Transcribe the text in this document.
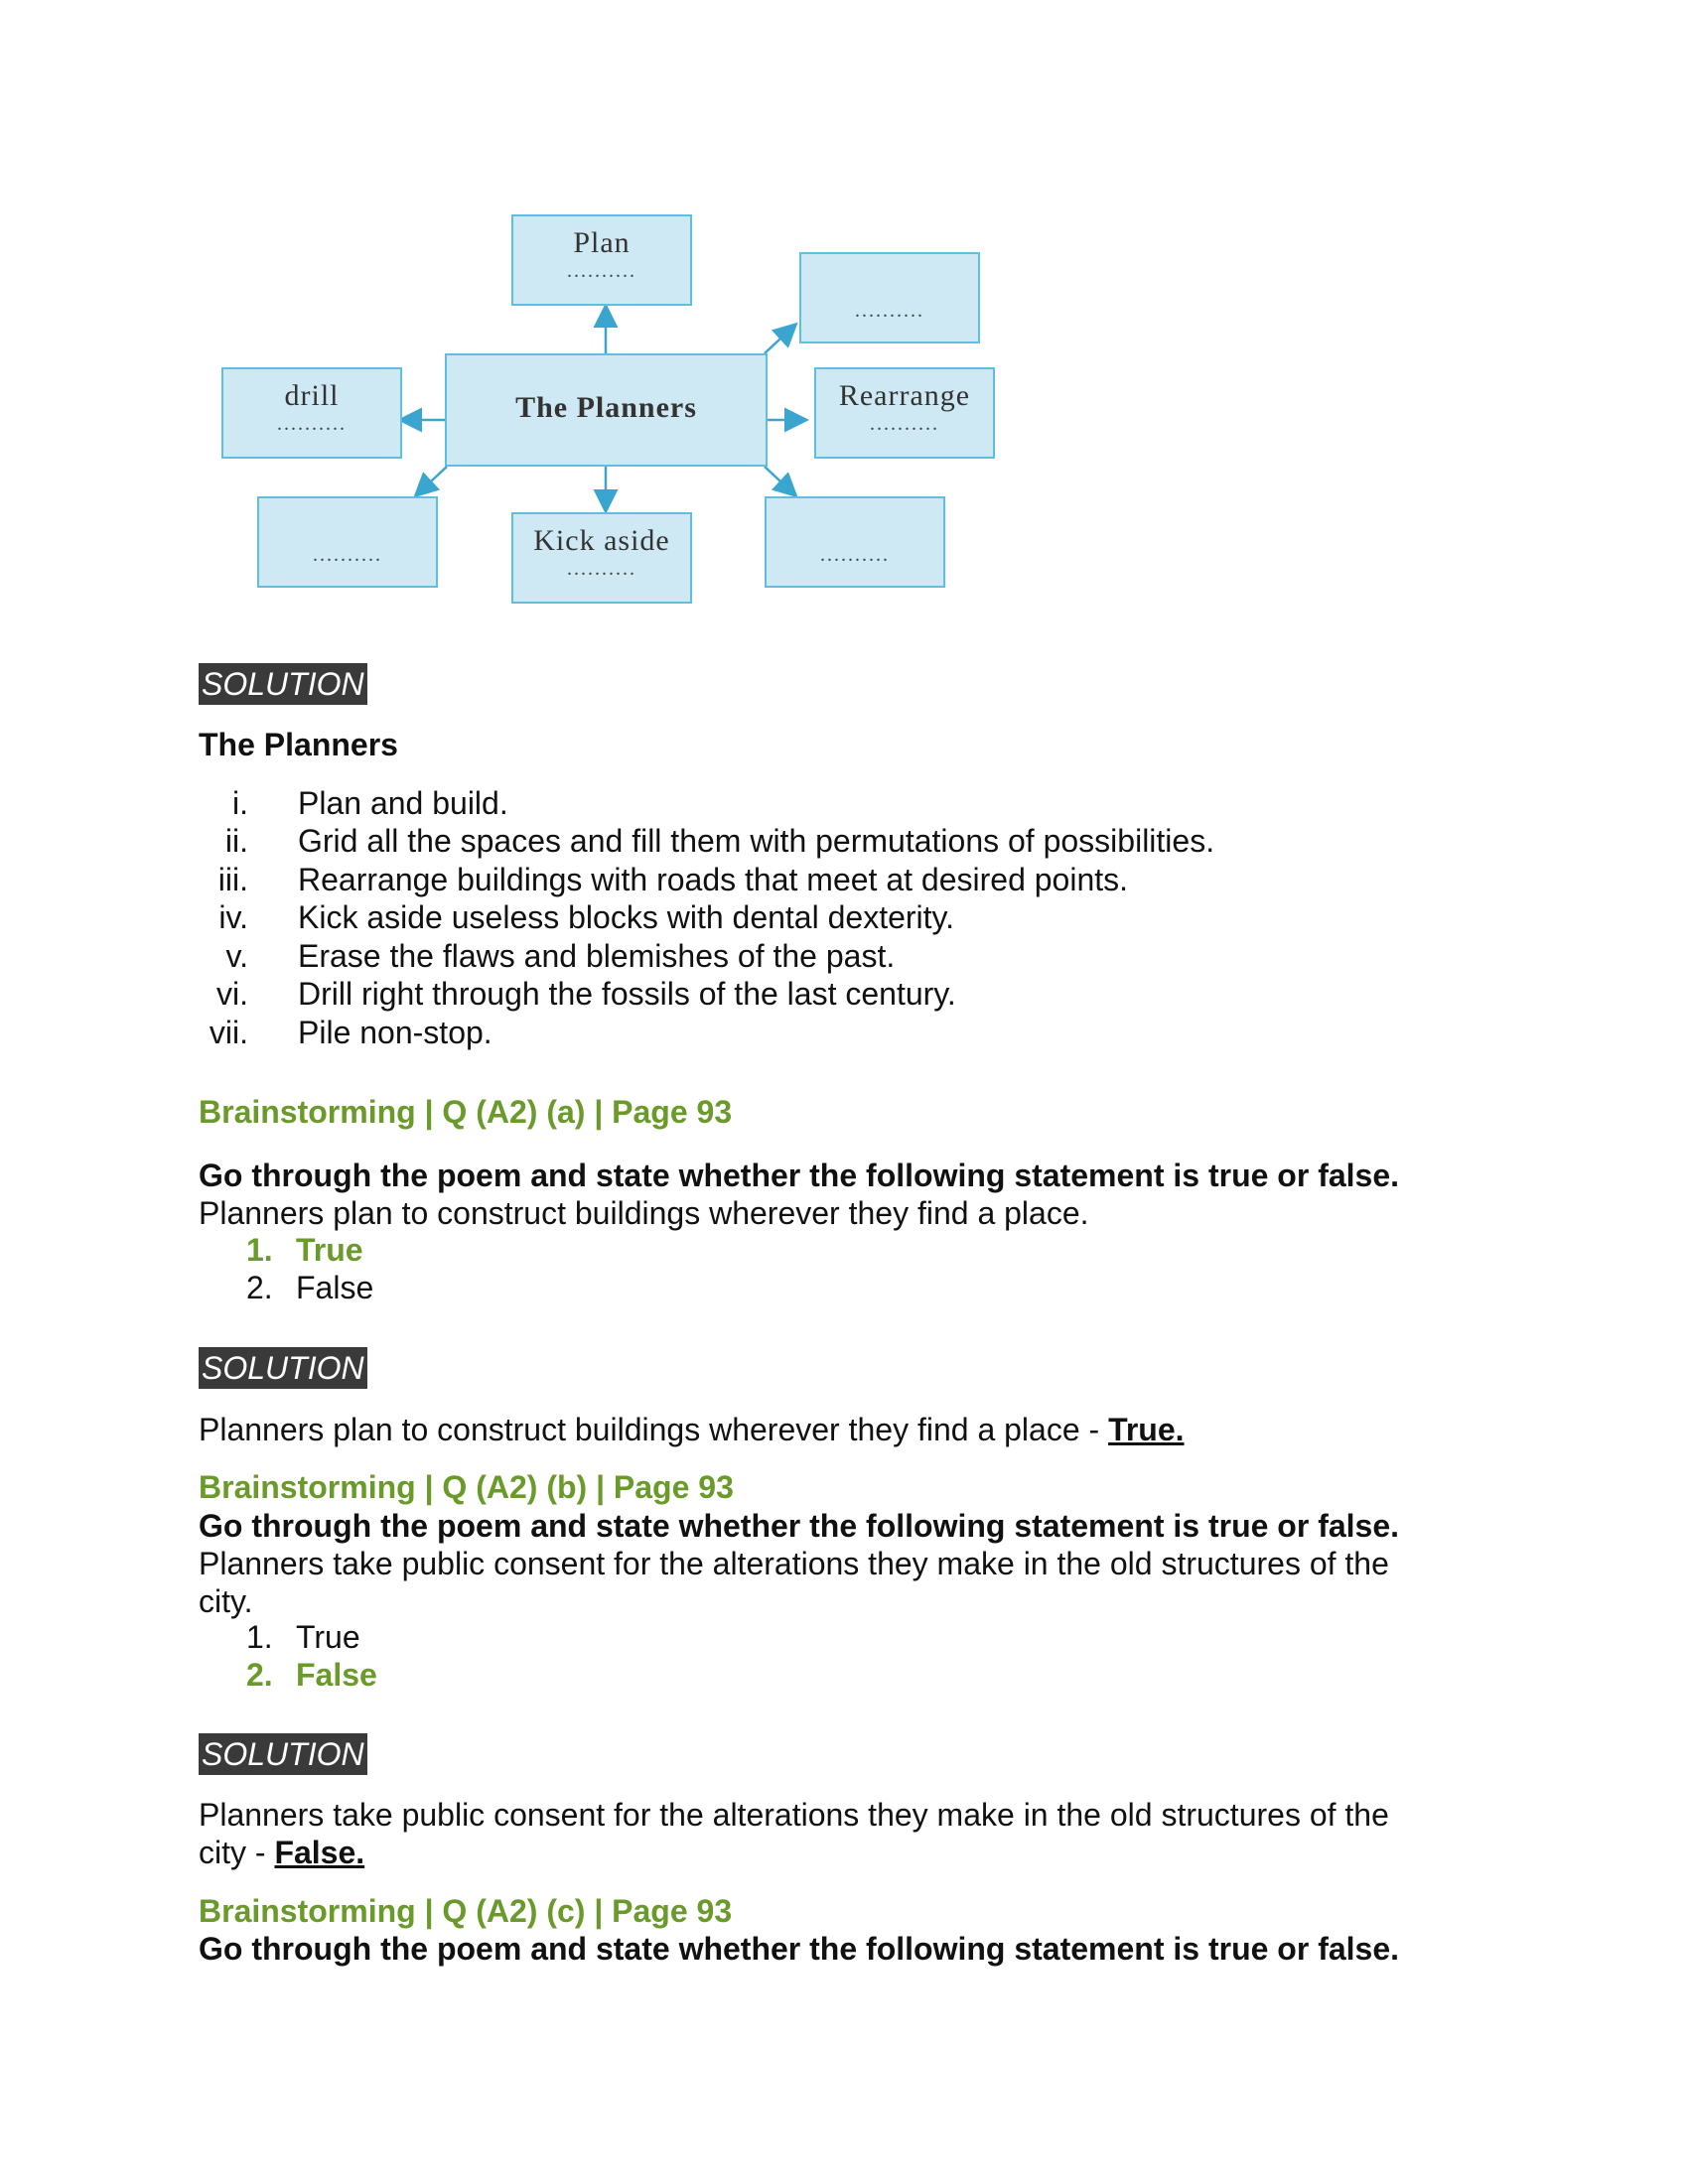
Plan
..........
..........
drill
..........	The Planners	Rearrange
..........
..........	Kick aside
..........
..........
SOLUTION
The Planners
i.	Plan and build.
ii.	Grid all the spaces and fill them with permutations of possibilities.
iii.	Rearrange buildings with roads that meet at desired points.
iv.	Kick aside useless blocks with dental dexterity.
v.	Erase the flaws and blemishes of the past.
vi.	Drill right through the fossils of the last century.
vii.	Pile non-stop.
Brainstorming | Q (A2) (a) | Page 93
Go through the poem and state whether the following statement is true or false.
Planners plan to construct buildings wherever they find a place.
1. True
2. False
SOLUTION
Planners plan to construct buildings wherever they find a place - True.
Brainstorming | Q (A2) (b) | Page 93
Go through the poem and state whether the following statement is true or false.
Planners take public consent for the alterations they make in the old structures of the
city.
1. True
2. False
SOLUTION
Planners take public consent for the alterations they make in the old structures of the
city - False.
Brainstorming | Q (A2) (c) | Page 93
Go through the poem and state whether the following statement is true or false.
